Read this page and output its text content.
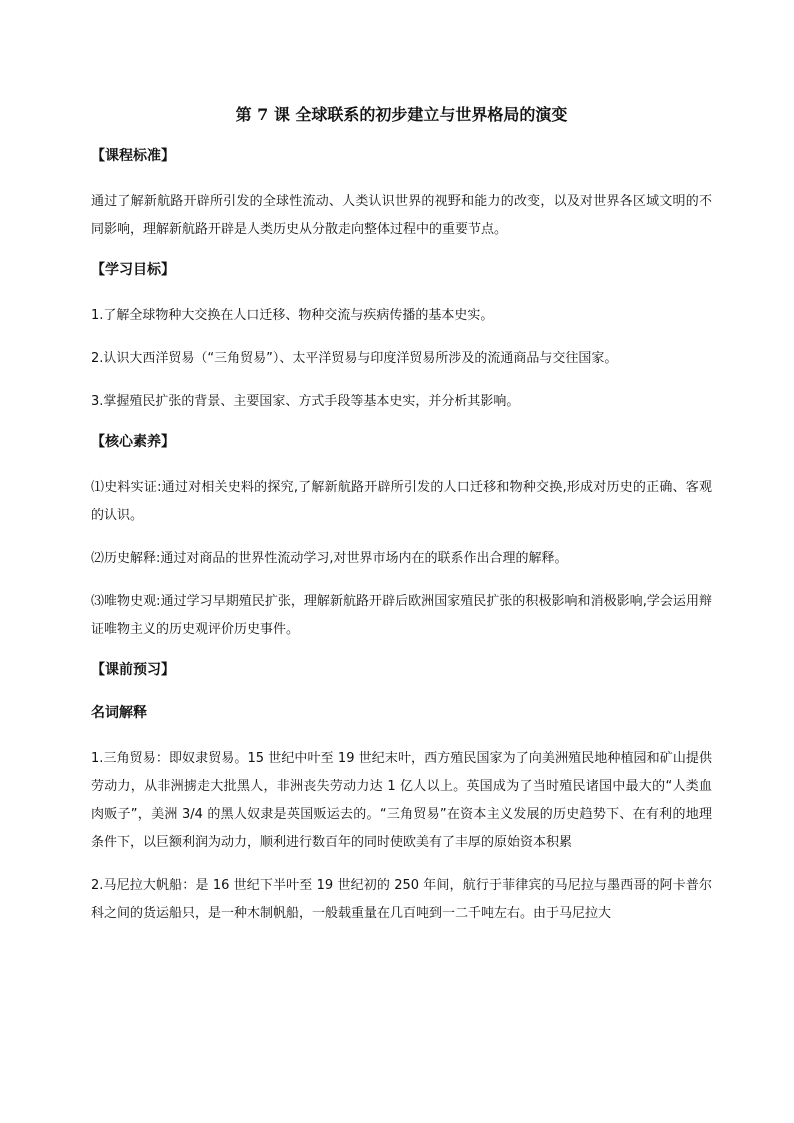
第 7 课 全球联系的初步建立与世界格局的演变
【课程标准】
通过了解新航路开辟所引发的全球性流动、人类认识世界的视野和能力的改变，以及对世界各区域文明的不同影响，理解新航路开辟是人类历史从分散走向整体过程中的重要节点。
【学习目标】
1.了解全球物种大交换在人口迁移、物种交流与疾病传播的基本史实。
2.认识大西洋贸易（“三角贸易”）、太平洋贸易与印度洋贸易所涉及的流通商品与交往国家。
3.掌握殖民扩张的背景、主要国家、方式手段等基本史实，并分析其影响。
【核心素养】
⑴史料实证:通过对相关史料的探究,了解新航路开辟所引发的人口迁移和物种交换,形成对历史的正确、客观的认识。
⑵历史解释:通过对商品的世界性流动学习,对世界市场内在的联系作出合理的解释。
⑶唯物史观:通过学习早期殖民扩张，理解新航路开辟后欧洲国家殖民扩张的积极影响和消极影响,学会运用辩证唯物主义的历史观评价历史事件。
【课前预习】
名词解释
1.三角贸易：即奴隶贸易。15 世纪中叶至 19 世纪末叶，西方殖民国家为了向美洲殖民地种植园和矿山提供劳动力，从非洲掳走大批黑人，非洲丧失劳动力达 1 亿人以上。英国成为了当时殖民诸国中最大的“人类血肉贩子”，美洲 3/4 的黑人奴隶是英国贩运去的。“三角贸易”在资本主义发展的历史趋势下、在有利的地理条件下，以巨额利润为动力，顺利进行数百年的同时使欧美有了丰厚的原始资本积累
2.马尼拉大帆船：是 16 世纪下半叶至 19 世纪初的 250 年间，航行于菲律宾的马尼拉与墨西哥的阿卡普尔科之间的货运船只，是一种木制帆船，一般载重量在几百吨到一二千吨左右。由于马尼拉大
